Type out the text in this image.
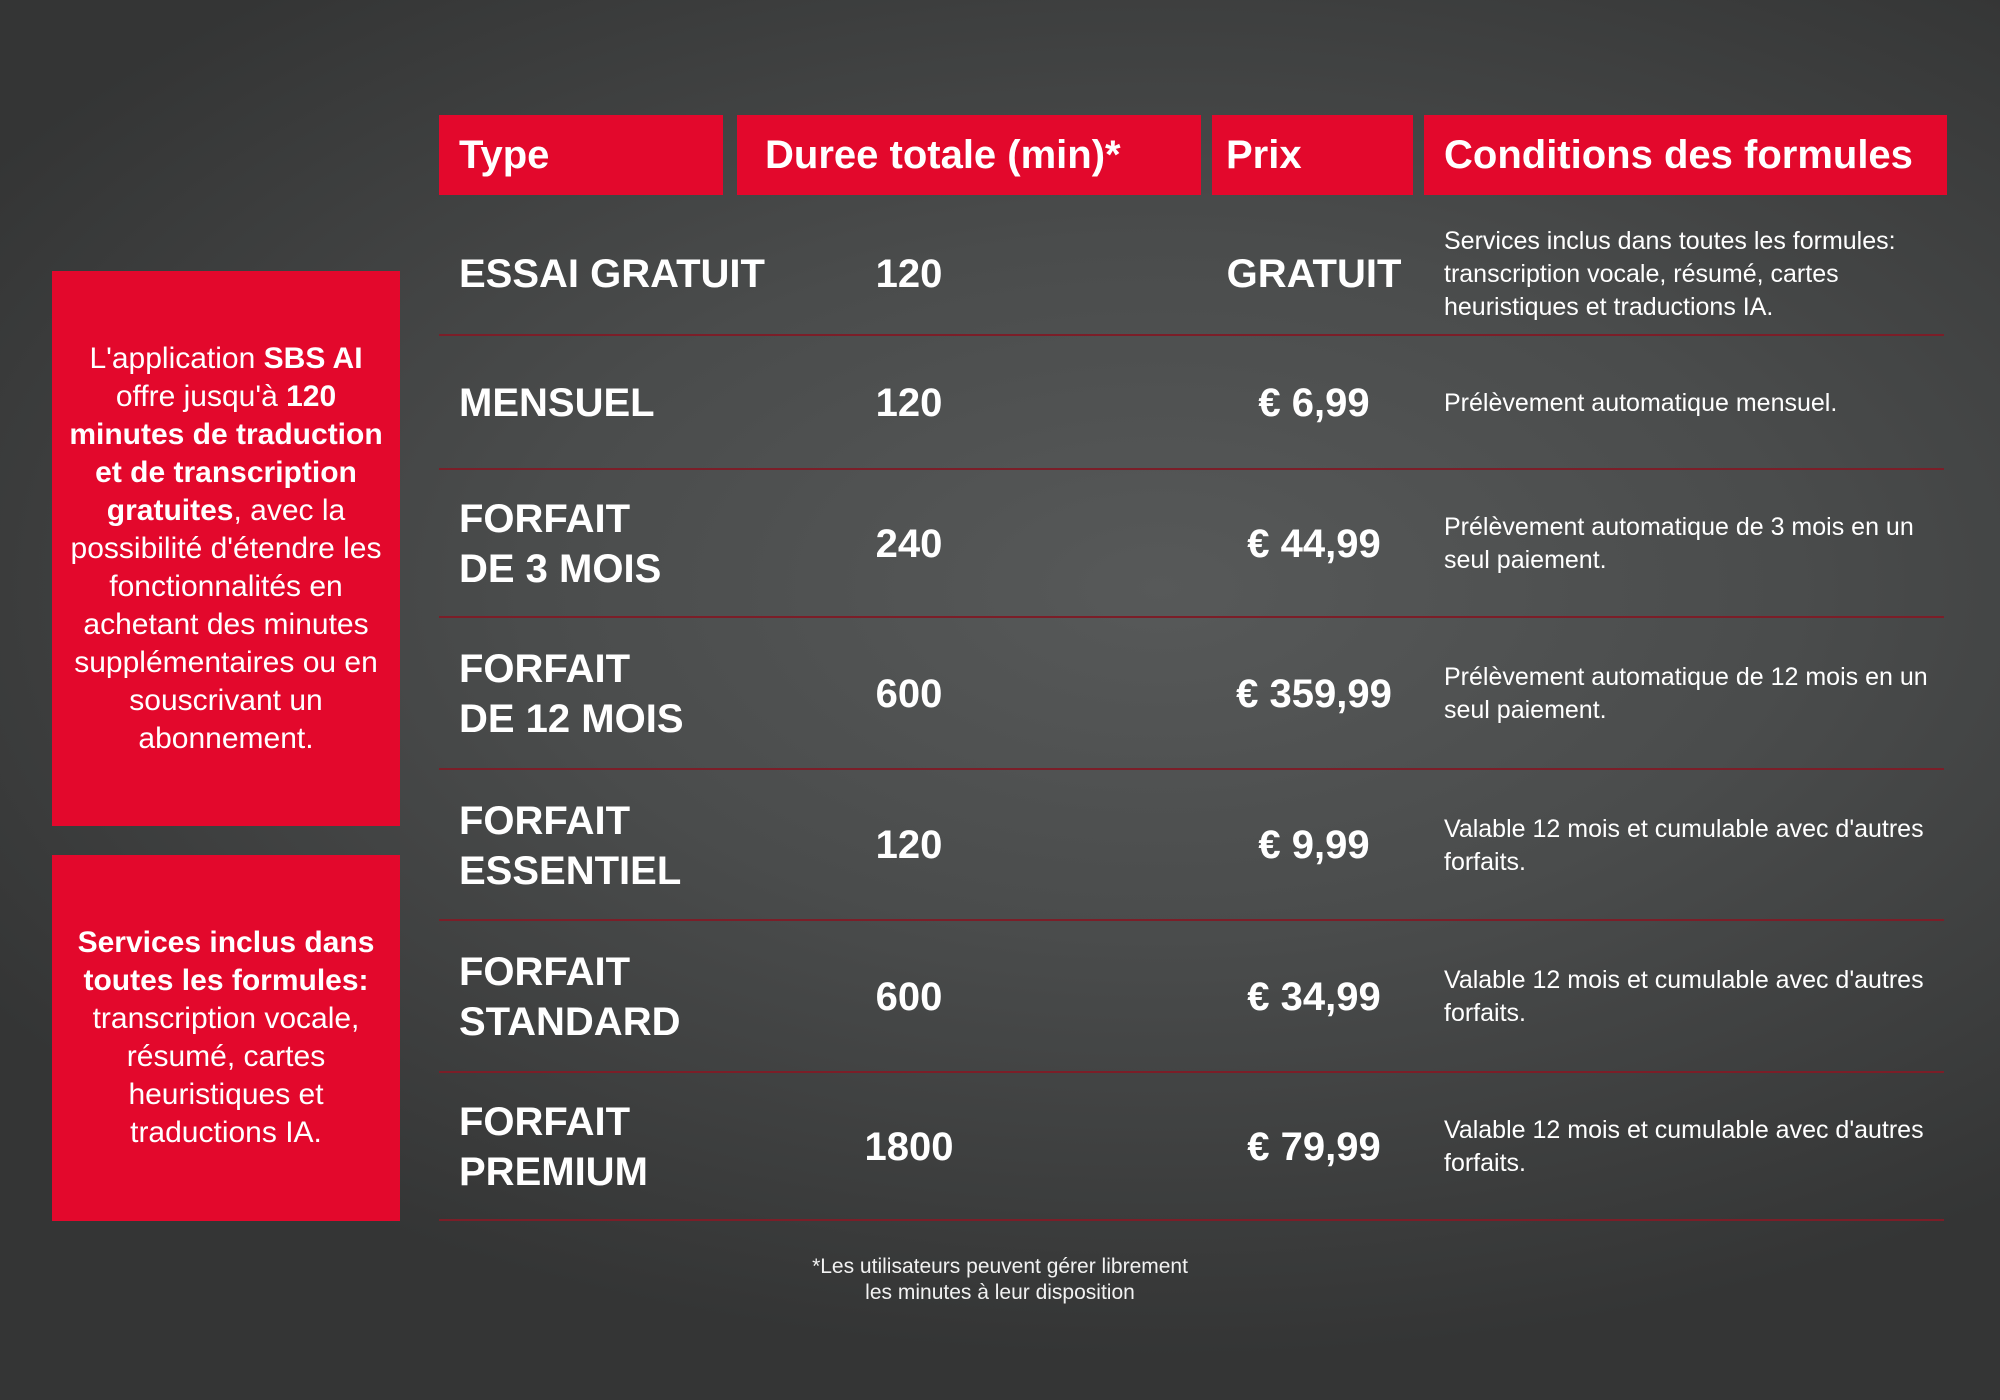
L'application SBS AI offre jusqu'à 120 minutes de traduction et de transcription gratuites, avec la possibilité d'étendre les fonctionnalités en achetant des minutes supplémentaires ou en souscrivant un abonnement.

Services inclus dans toutes les formules: transcription vocale, résumé, cartes heuristiques et traductions IA.

Type	Duree totale (min)*	Prix	Conditions des formules
ESSAI GRATUIT	120	GRATUIT
Services inclus dans toutes les formules: transcription vocale, résumé, cartes heuristiques et traductions IA.
MENSUEL	120	€ 6,99	Prélèvement automatique mensuel.
FORFAIT
DE 3 MOIS
240	€ 44,99	Prélèvement automatique de 3 mois en un seul paiement.
FORFAIT
DE 12 MOIS
600	€ 359,99	Prélèvement automatique de 12 mois en un seul paiement.
FORFAIT
ESSENTIEL
120	€ 9,99	Valable 12 mois et cumulable avec d'autres forfaits.
FORFAIT
STANDARD
600	€ 34,99	Valable 12 mois et cumulable avec d'autres forfaits.
FORFAIT
PREMIUM
1800	€ 79,99	Valable 12 mois et cumulable avec d'autres forfaits.
*Les utilisateurs peuvent gérer librement
les minutes à leur disposition
